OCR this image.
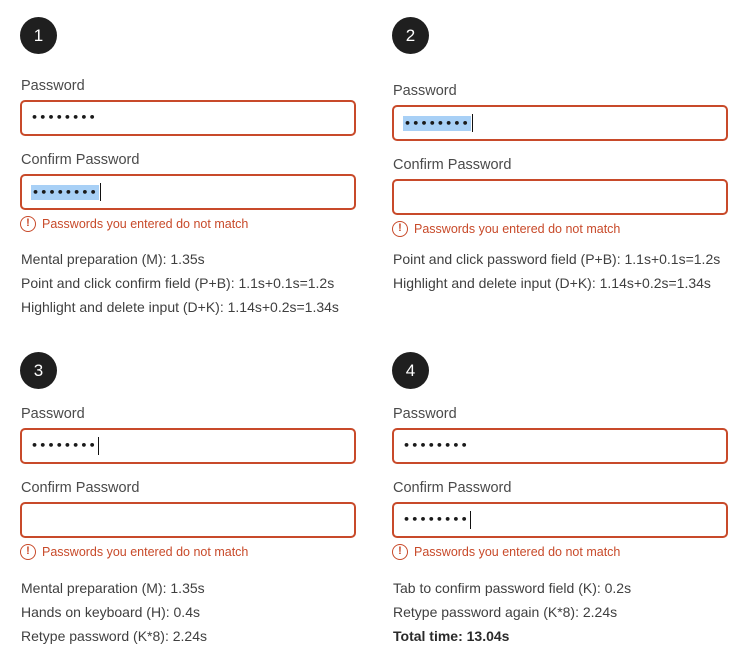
1
Password
••••••••
Confirm Password
••••••••
! Passwords you entered do not match
Mental preparation (M): 1.35s
Point and click confirm field (P+B): 1.1s+0.1s=1.2s
Highlight and delete input (D+K): 1.14s+0.2s=1.34s
2
Password
••••••••
Confirm Password
! Passwords you entered do not match
Point and click password field (P+B): 1.1s+0.1s=1.2s
Highlight and delete input (D+K): 1.14s+0.2s=1.34s
3
Password
••••••••
Confirm Password
! Passwords you entered do not match
Mental preparation (M): 1.35s
Hands on keyboard (H): 0.4s
Retype password (K*8): 2.24s
4
Password
••••••••
Confirm Password
••••••••
! Passwords you entered do not match
Tab to confirm password field (K): 0.2s
Retype password again (K*8): 2.24s
Total time: 13.04s
